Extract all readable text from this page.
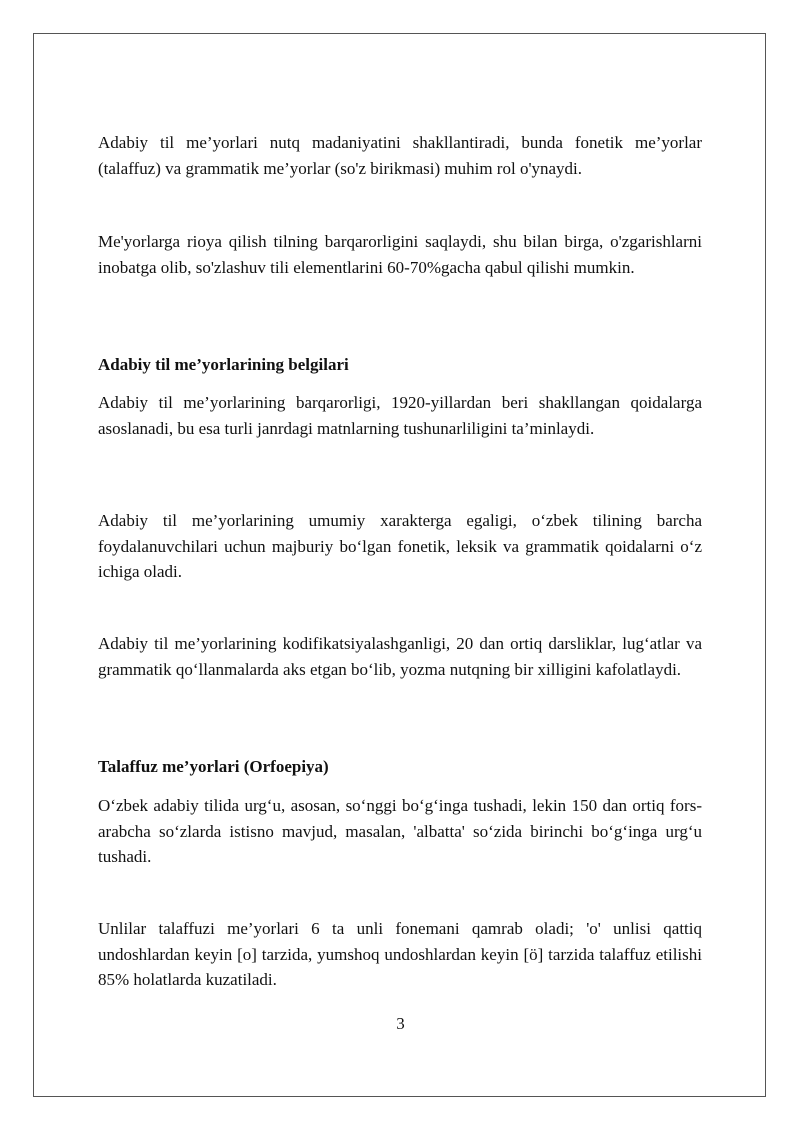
Adabiy til me’yorlari nutq madaniyatini shakllantiradi, bunda fonetik me’yorlar (talaffuz) va grammatik me’yorlar (so'z birikmasi) muhim rol o'ynaydi.

Me'yorlarga rioya qilish tilning barqarorligini saqlaydi, shu bilan birga, o'zgarishlarni inobatga olib, so'zlashuv tili elementlarini 60-70%gacha qabul qilishi mumkin.

Adabiy til me’yorlarining belgilari

Adabiy til me’yorlarining barqarorligi, 1920-yillardan beri shakllangan qoidalarga asoslanadi, bu esa turli janrdagi matnlarning tushunarliligini ta’minlaydi.

Adabiy til me’yorlarining umumiy xarakterga egaligi, o‘zbek tilining barcha foydalanuvchilari uchun majburiy bo‘lgan fonetik, leksik va grammatik qoidalarni o‘z ichiga oladi.

Adabiy til me’yorlarining kodifikatsiyalashganligi, 20 dan ortiq darsliklar, lug‘atlar va grammatik qo‘llanmalarda aks etgan bo‘lib, yozma nutqning bir xilligini kafolatlaydi.

Talaffuz me’yorlari (Orfoepiya)

O‘zbek adabiy tilida urg‘u, asosan, so‘nggi bo‘g‘inga tushadi, lekin 150 dan ortiq fors-arabcha so‘zlarda istisno mavjud, masalan, 'albatta' so‘zida birinchi bo‘g‘inga urg‘u tushadi.

Unlilar talaffuzi me’yorlari 6 ta unli fonemani qamrab oladi; 'o' unlisi qattiq undoshlardan keyin [o] tarzida, yumshoq undoshlardan keyin [ö] tarzida talaffuz etilishi 85% holatlarda kuzatiladi.

3
